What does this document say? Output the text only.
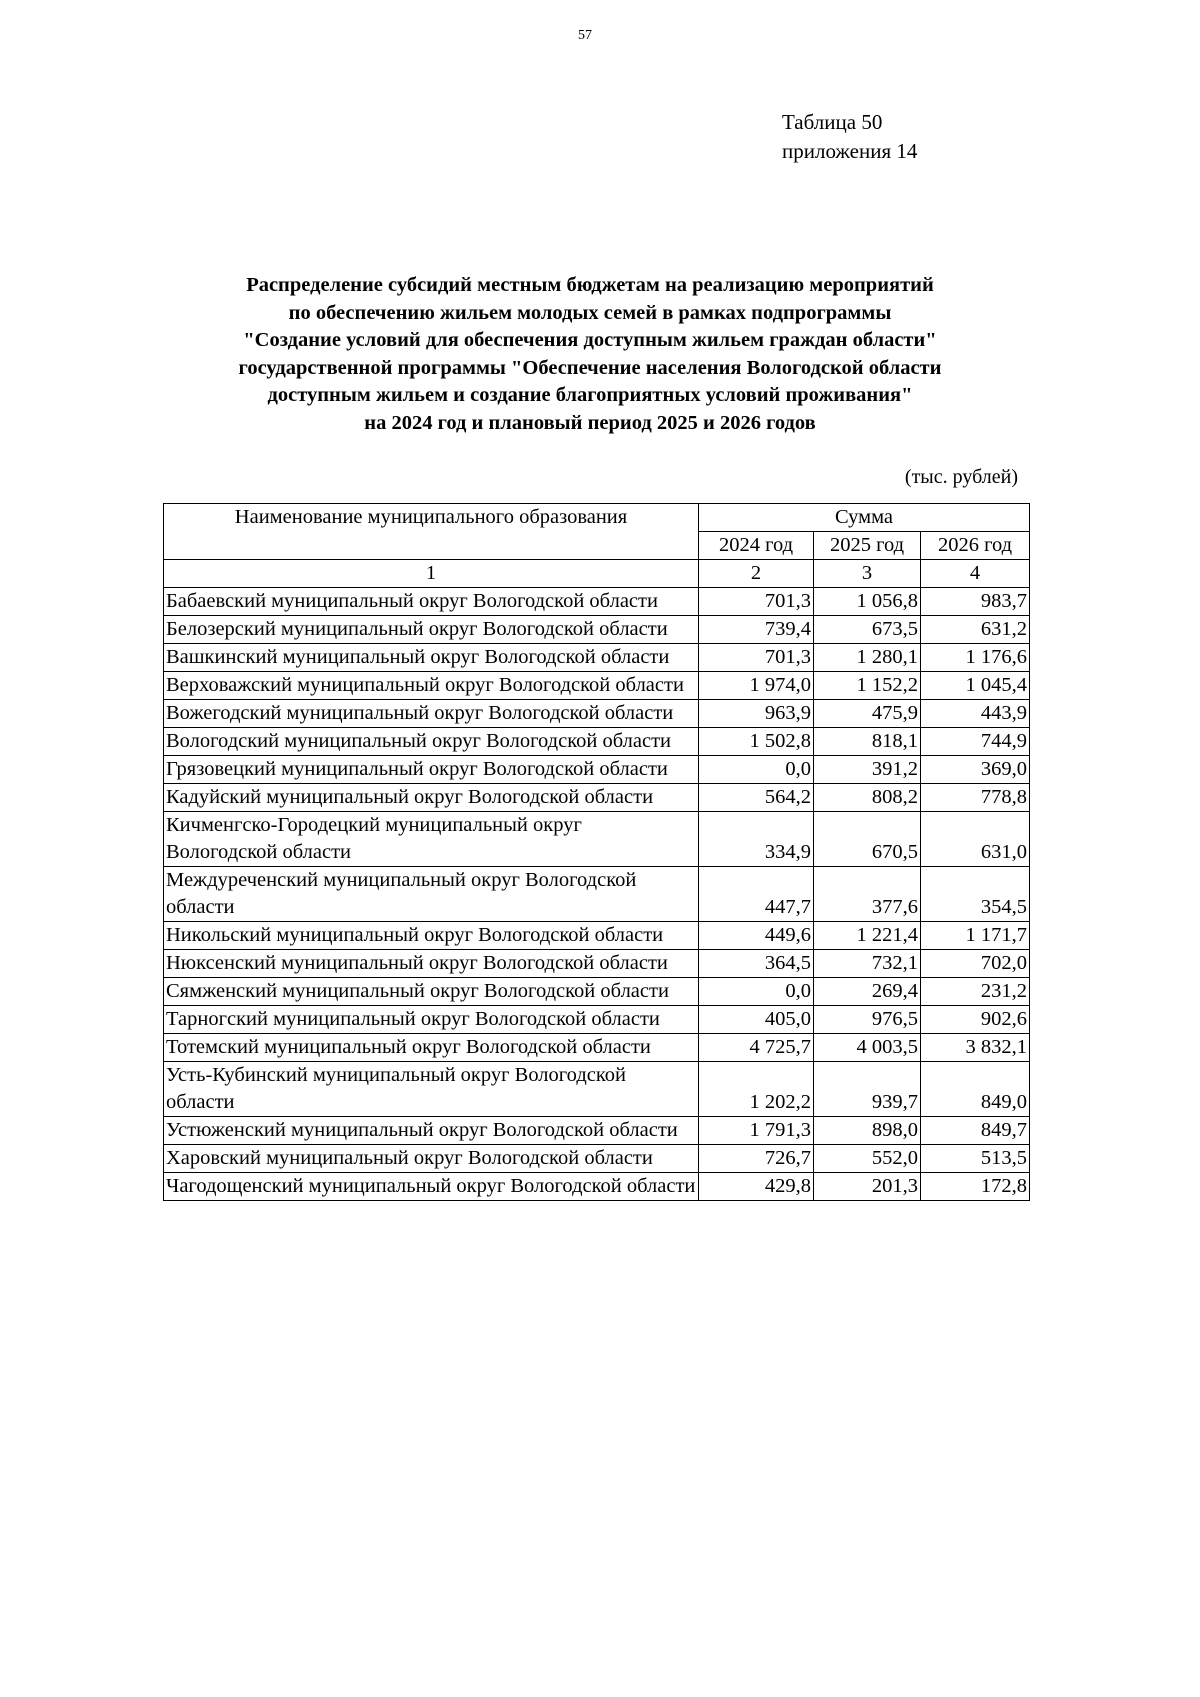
57
Таблица 50
приложения 14
Распределение субсидий местным бюджетам на реализацию мероприятий
по обеспечению жильем молодых семей в рамках подпрограммы
"Создание условий для обеспечения доступным жильем граждан области"
государственной программы "Обеспечение населения Вологодской области
доступным жильем и создание благоприятных условий проживания"
на 2024 год и плановый период 2025 и 2026 годов
(тыс. рублей)
Наименование муниципального образования	Сумма		
	2024 год	2025 год	2026 год
1	2	3	4
Бабаевский муниципальный округ Вологодской области	701,3	1 056,8	983,7
Белозерский муниципальный округ Вологодской области	739,4	673,5	631,2
Вашкинский муниципальный округ Вологодской области	701,3	1 280,1	1 176,6
Верховажский муниципальный округ Вологодской области	1 974,0	1 152,2	1 045,4
Вожегодский муниципальный округ Вологодской области	963,9	475,9	443,9
Вологодский муниципальный округ Вологодской области	1 502,8	818,1	744,9
Грязовецкий муниципальный округ Вологодской области	0,0	391,2	369,0
Кадуйский муниципальный округ Вологодской области	564,2	808,2	778,8
Кичменгско-Городецкий муниципальный округ Вологодской области	334,9	670,5	631,0
Междуреченский муниципальный округ Вологодской области	447,7	377,6	354,5
Никольский муниципальный округ Вологодской области	449,6	1 221,4	1 171,7
Нюксенский муниципальный округ Вологодской области	364,5	732,1	702,0
Сямженский муниципальный округ Вологодской области	0,0	269,4	231,2
Тарногский муниципальный округ Вологодской области	405,0	976,5	902,6
Тотемский муниципальный округ Вологодской области	4 725,7	4 003,5	3 832,1
Усть-Кубинский муниципальный округ Вологодской области	1 202,2	939,7	849,0
Устюженский муниципальный округ Вологодской области	1 791,3	898,0	849,7
Харовский муниципальный округ Вологодской области	726,7	552,0	513,5
Чагодощенский муниципальный округ Вологодской области	429,8	201,3	172,8
